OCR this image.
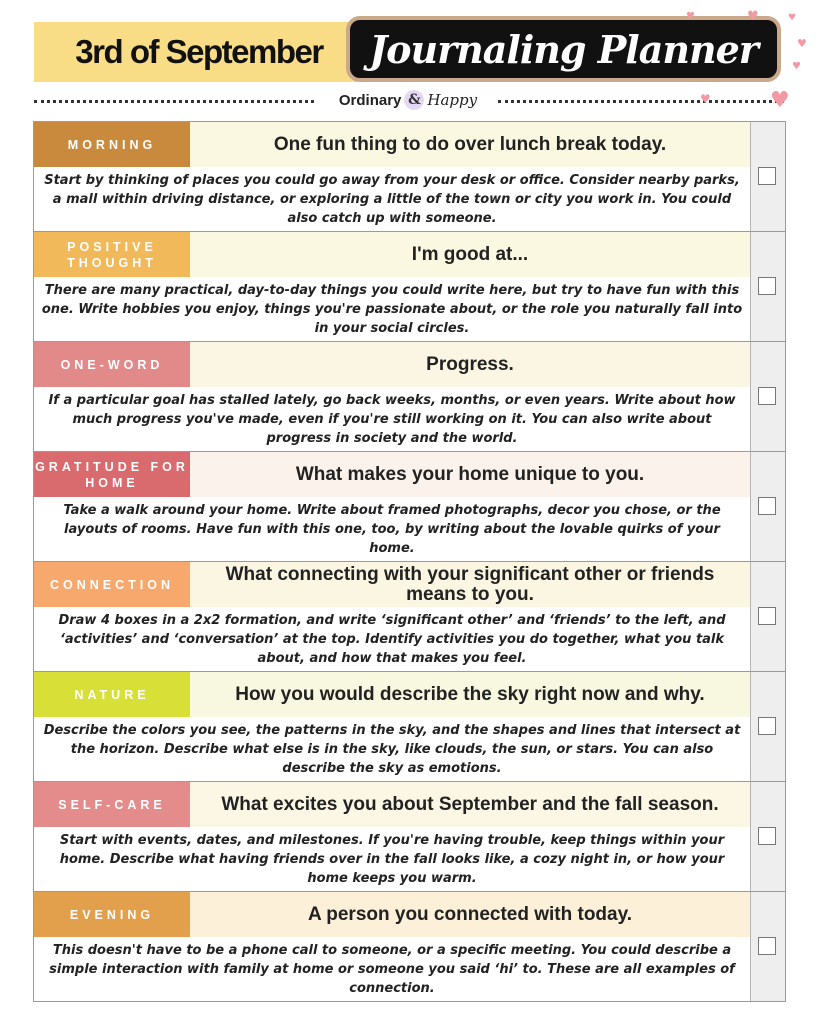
3rd of September	Journaling Planner
Ordinary & Happy
♥	♥	♥
♥
♥
♥	♥
MORNING	One fun thing to do over lunch break today.
Start by thinking of places you could go away from your desk or office. Consider nearby parks, a mall within driving distance, or exploring a little of the town or city you work in. You could also catch up with someone.
POSITIVE THOUGHT	I'm good at...
There are many practical, day-to-day things you could write here, but try to have fun with this one. Write hobbies you enjoy, things you're passionate about, or the role you naturally fall into in your social circles.
ONE-WORD	Progress.
If a particular goal has stalled lately, go back weeks, months, or even years. Write about how much progress you've made, even if you're still working on it. You can also write about progress in society and the world.
GRATITUDE FOR HOME	What makes your home unique to you.
Take a walk around your home. Write about framed photographs, decor you chose, or the layouts of rooms. Have fun with this one, too, by writing about the lovable quirks of your home.
CONNECTION	What connecting with your significant other or friends means to you.
Draw 4 boxes in a 2x2 formation, and write ‘significant other’ and ‘friends’ to the left, and ‘activities’ and ‘conversation’ at the top. Identify activities you do together, what you talk about, and how that makes you feel.
NATURE	How you would describe the sky right now and why.
Describe the colors you see, the patterns in the sky, and the shapes and lines that intersect at the horizon. Describe what else is in the sky, like clouds, the sun, or stars. You can also describe the sky as emotions.
SELF-CARE	What excites you about September and the fall season.
Start with events, dates, and milestones. If you're having trouble, keep things within your home. Describe what having friends over in the fall looks like, a cozy night in, or how your home keeps you warm.
EVENING	A person you connected with today.
This doesn't have to be a phone call to someone, or a specific meeting. You could describe a simple interaction with family at home or someone you said ‘hi’ to. These are all examples of connection.
